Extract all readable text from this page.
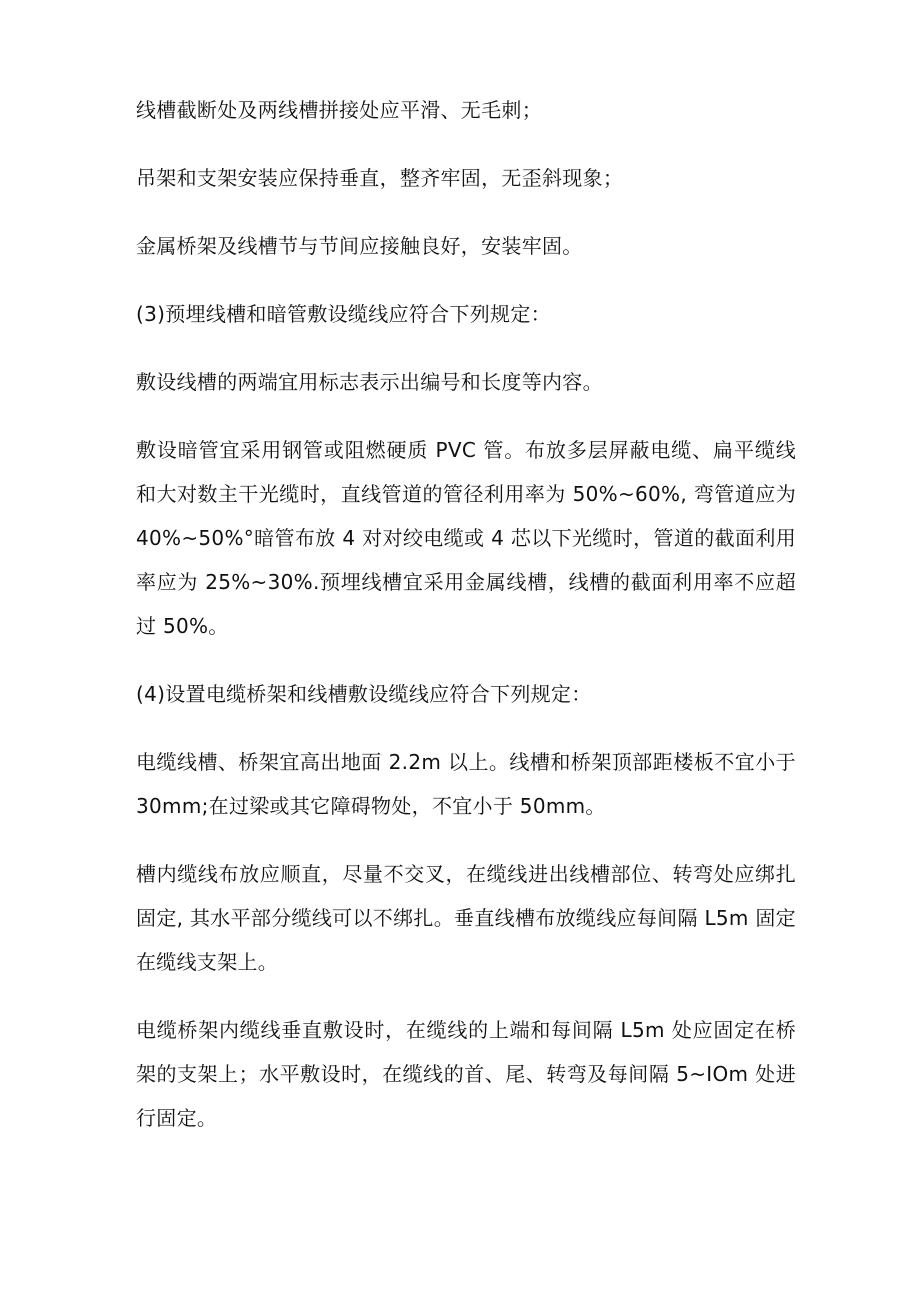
线槽截断处及两线槽拼接处应平滑、无毛刺；

吊架和支架安装应保持垂直，整齐牢固，无歪斜现象；

金属桥架及线槽节与节间应接触良好，安装牢固。

(3)预埋线槽和暗管敷设缆线应符合下列规定：

敷设线槽的两端宜用标志表示出编号和长度等内容。

敷设暗管宜采用钢管或阻燃硬质 PVC 管。布放多层屏蔽电缆、扁平缆线和大对数主干光缆时，直线管道的管径利用率为 50%~60%, 弯管道应为 40%~50%°暗管布放 4 对对绞电缆或 4 芯以下光缆时，管道的截面利用率应为 25%~30%.预埋线槽宜采用金属线槽，线槽的截面利用率不应超过 50%。

(4)设置电缆桥架和线槽敷设缆线应符合下列规定：

电缆线槽、桥架宜高出地面 2.2m 以上。线槽和桥架顶部距楼板不宜小于 30mm;在过梁或其它障碍物处，不宜小于 50mm。

槽内缆线布放应顺直，尽量不交叉，在缆线进出线槽部位、转弯处应绑扎固定, 其水平部分缆线可以不绑扎。垂直线槽布放缆线应每间隔 L5m 固定在缆线支架上。

电缆桥架内缆线垂直敷设时，在缆线的上端和每间隔 L5m 处应固定在桥架的支架上；水平敷设时，在缆线的首、尾、转弯及每间隔 5~IOm 处进行固定。
